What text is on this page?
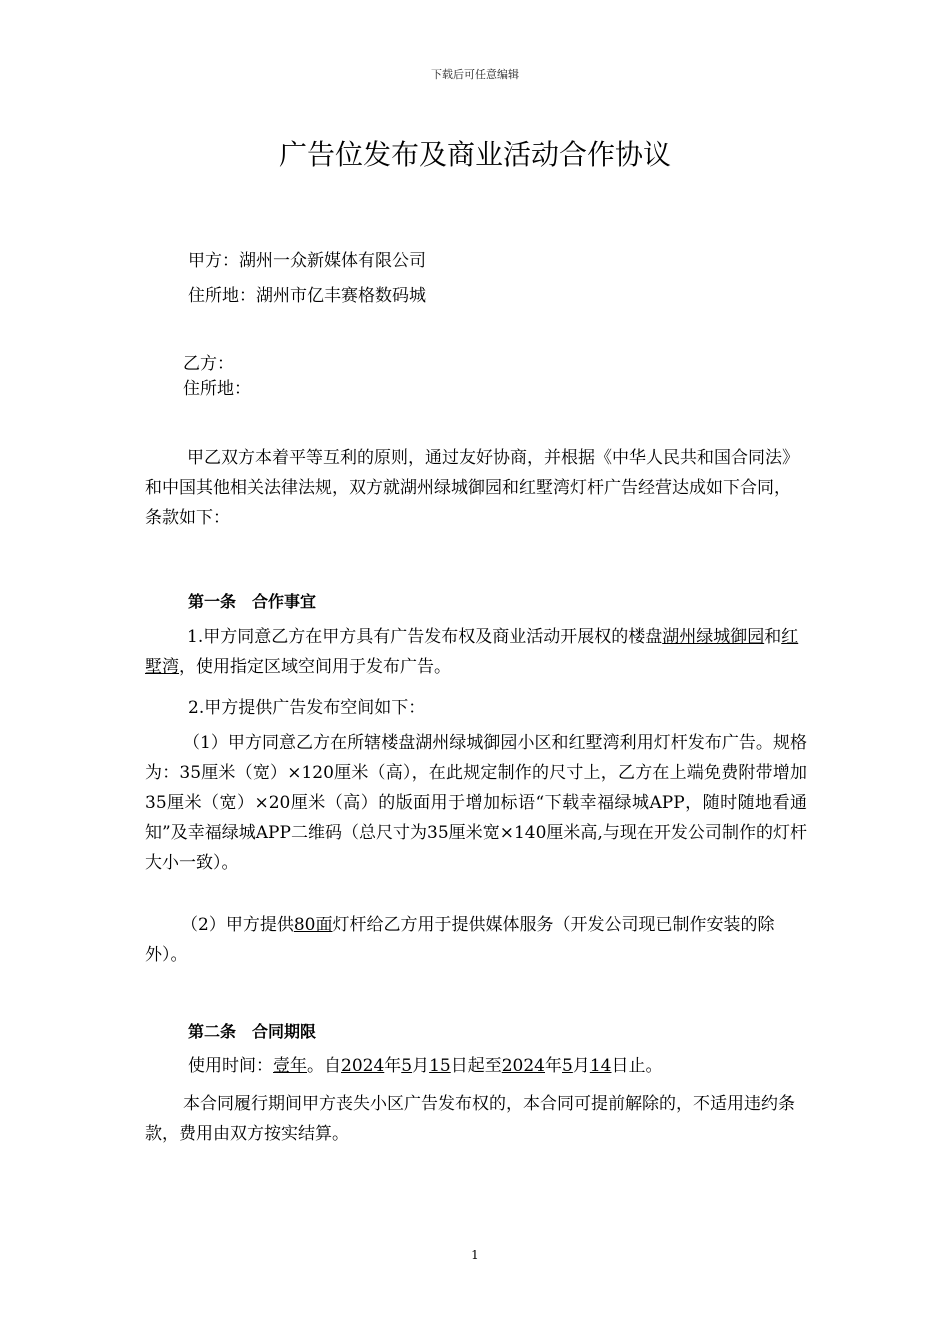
下载后可任意编辑
广告位发布及商业活动合作协议
甲方：湖州一众新媒体有限公司
住所地：湖州市亿丰赛格数码城
乙方：
住所地：
甲乙双方本着平等互利的原则，通过友好协商，并根据《中华人民共和国合同法》和中国其他相关法律法规，双方就湖州绿城御园和红墅湾灯杆广告经营达成如下合同，条款如下：
第一条　合作事宜
1.甲方同意乙方在甲方具有广告发布权及商业活动开展权的楼盘湖州绿城御园和红墅湾，使用指定区域空间用于发布广告。
2.甲方提供广告发布空间如下：
（1）甲方同意乙方在所辖楼盘湖州绿城御园小区和红墅湾利用灯杆发布广告。规格为：35厘米（宽）×120厘米（高），在此规定制作的尺寸上，乙方在上端免费附带增加35厘米（宽）×20厘米（高）的版面用于增加标语“下载幸福绿城APP，随时随地看通知”及幸福绿城APP二维码（总尺寸为35厘米宽×140厘米高,与现在开发公司制作的灯杆大小一致）。
（2）甲方提供80面灯杆给乙方用于提供媒体服务（开发公司现已制作安装的除外）。
第二条　合同期限
使用时间：壹年。自2024年5月15日起至2024年5月14日止。
本合同履行期间甲方丧失小区广告发布权的，本合同可提前解除的，不适用违约条款，费用由双方按实结算。
1
